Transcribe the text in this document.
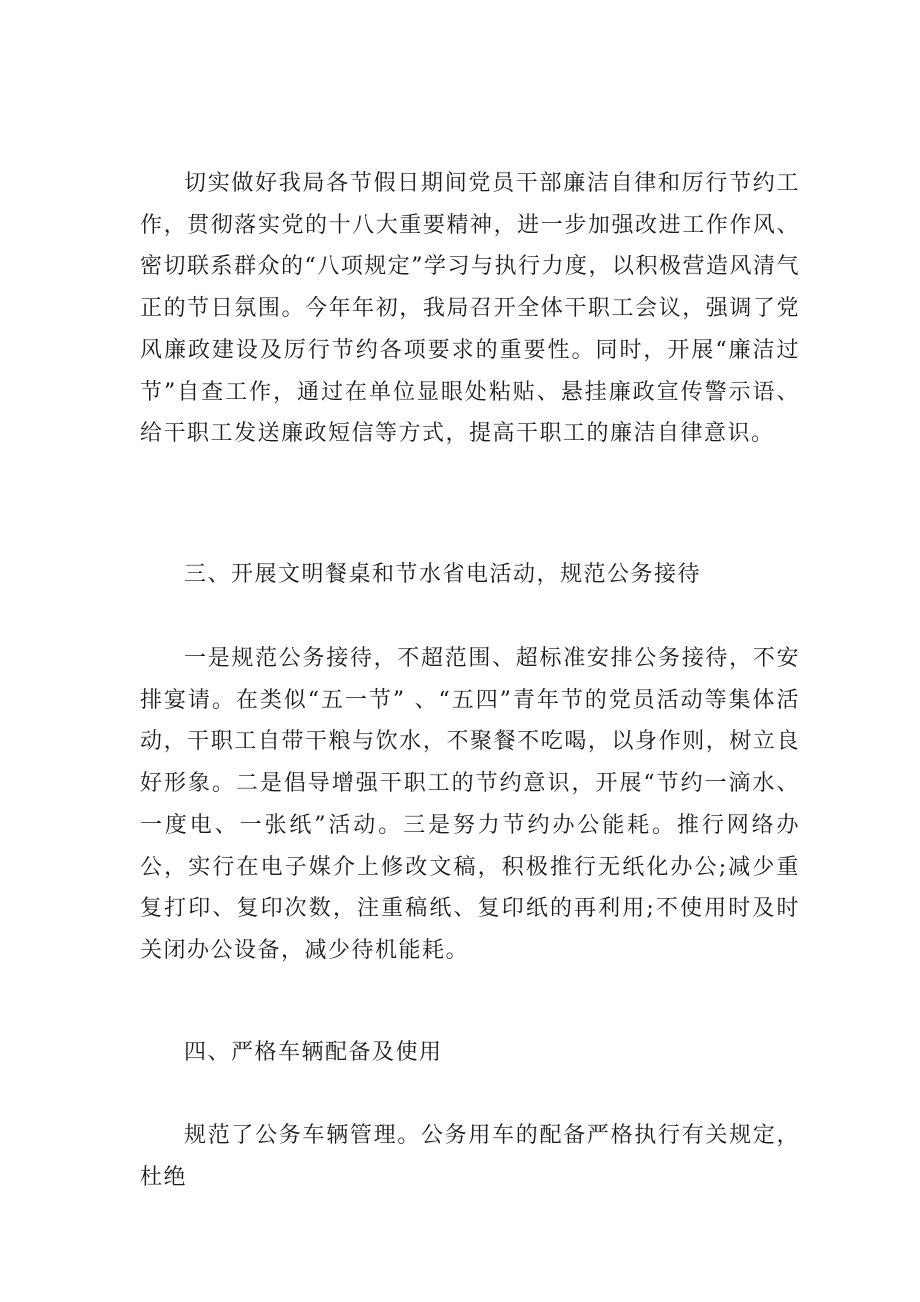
切实做好我局各节假日期间党员干部廉洁自律和厉行节约工作，贯彻落实党的十八大重要精神，进一步加强改进工作作风、密切联系群众的“八项规定”学习与执行力度，以积极营造风清气正的节日氛围。今年年初，我局召开全体干职工会议，强调了党风廉政建设及厉行节约各项要求的重要性。同时，开展“廉洁过节”自查工作，通过在单位显眼处粘贴、悬挂廉政宣传警示语、给干职工发送廉政短信等方式，提高干职工的廉洁自律意识。

三、开展文明餐桌和节水省电活动，规范公务接待

一是规范公务接待，不超范围、超标准安排公务接待，不安排宴请。在类似“五一节” 、“五四”青年节的党员活动等集体活动，干职工自带干粮与饮水，不聚餐不吃喝，以身作则，树立良好形象。二是倡导增强干职工的节约意识，开展“节约一滴水、一度电、一张纸”活动。三是努力节约办公能耗。推行网络办公，实行在电子媒介上修改文稿，积极推行无纸化办公;减少重复打印、复印次数，注重稿纸、复印纸的再利用;不使用时及时关闭办公设备，减少待机能耗。

四、严格车辆配备及使用

规范了公务车辆管理。公务用车的配备严格执行有关规定，杜绝
